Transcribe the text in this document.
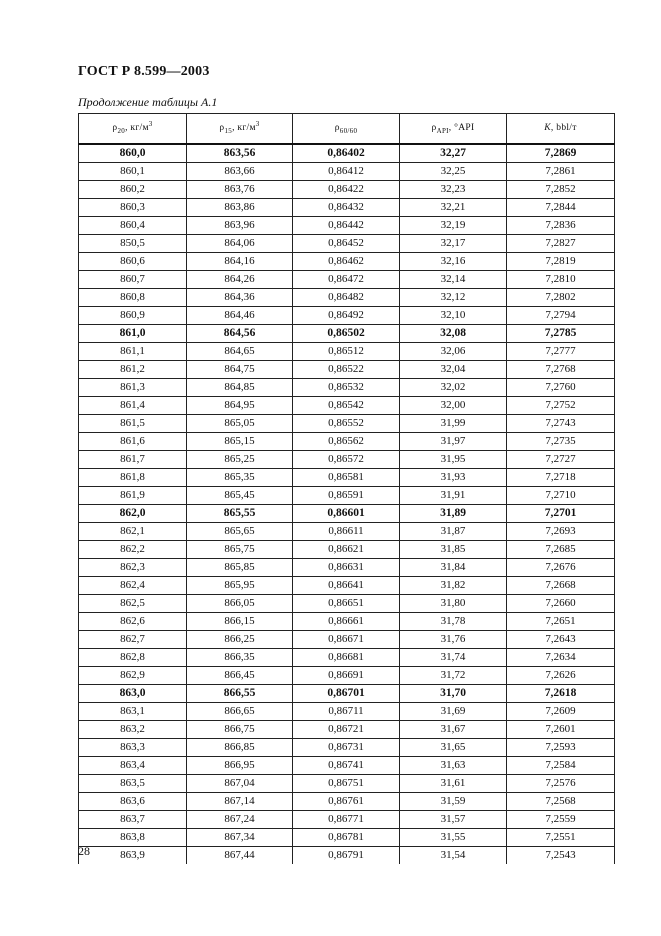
ГОСТ Р 8.599—2003
Продолжение таблицы А.1
$\rho_{20}$, $кг/м^3$	$\rho_{15}$, $кг/м^3$	$\rho_{60/60}$	$\rho_{API}$, °API	K, bbl/т
860,0	863,56	0,86402	32,27	7,2869
860,1	863,66	0,86412	32,25	7,2861
860,2	863,76	0,86422	32,23	7,2852
860,3	863,86	0,86432	32,21	7,2844
860,4	863,96	0,86442	32,19	7,2836
850,5	864,06	0,86452	32,17	7,2827
860,6	864,16	0,86462	32,16	7,2819
860,7	864,26	0,86472	32,14	7,2810
860,8	864,36	0,86482	32,12	7,2802
860,9	864,46	0,86492	32,10	7,2794
861,0	864,56	0,86502	32,08	7,2785
861,1	864,65	0,86512	32,06	7,2777
861,2	864,75	0,86522	32,04	7,2768
861,3	864,85	0,86532	32,02	7,2760
861,4	864,95	0,86542	32,00	7,2752
861,5	865,05	0,86552	31,99	7,2743
861,6	865,15	0,86562	31,97	7,2735
861,7	865,25	0,86572	31,95	7,2727
861,8	865,35	0,86581	31,93	7,2718
861,9	865,45	0,86591	31,91	7,2710
862,0	865,55	0,86601	31,89	7,2701
862,1	865,65	0,86611	31,87	7,2693
862,2	865,75	0,86621	31,85	7,2685
862,3	865,85	0,86631	31,84	7,2676
862,4	865,95	0,86641	31,82	7,2668
862,5	866,05	0,86651	31,80	7,2660
862,6	866,15	0,86661	31,78	7,2651
862,7	866,25	0,86671	31,76	7,2643
862,8	866,35	0,86681	31,74	7,2634
862,9	866,45	0,86691	31,72	7,2626
863,0	866,55	0,86701	31,70	7,2618
863,1	866,65	0,86711	31,69	7,2609
863,2	866,75	0,86721	31,67	7,2601
863,3	866,85	0,86731	31,65	7,2593
863,4	866,95	0,86741	31,63	7,2584
863,5	867,04	0,86751	31,61	7,2576
863,6	867,14	0,86761	31,59	7,2568
863,7	867,24	0,86771	31,57	7,2559
863,8	867,34	0,86781	31,55	7,2551
863,9	867,44	0,86791	31,54	7,2543
28
